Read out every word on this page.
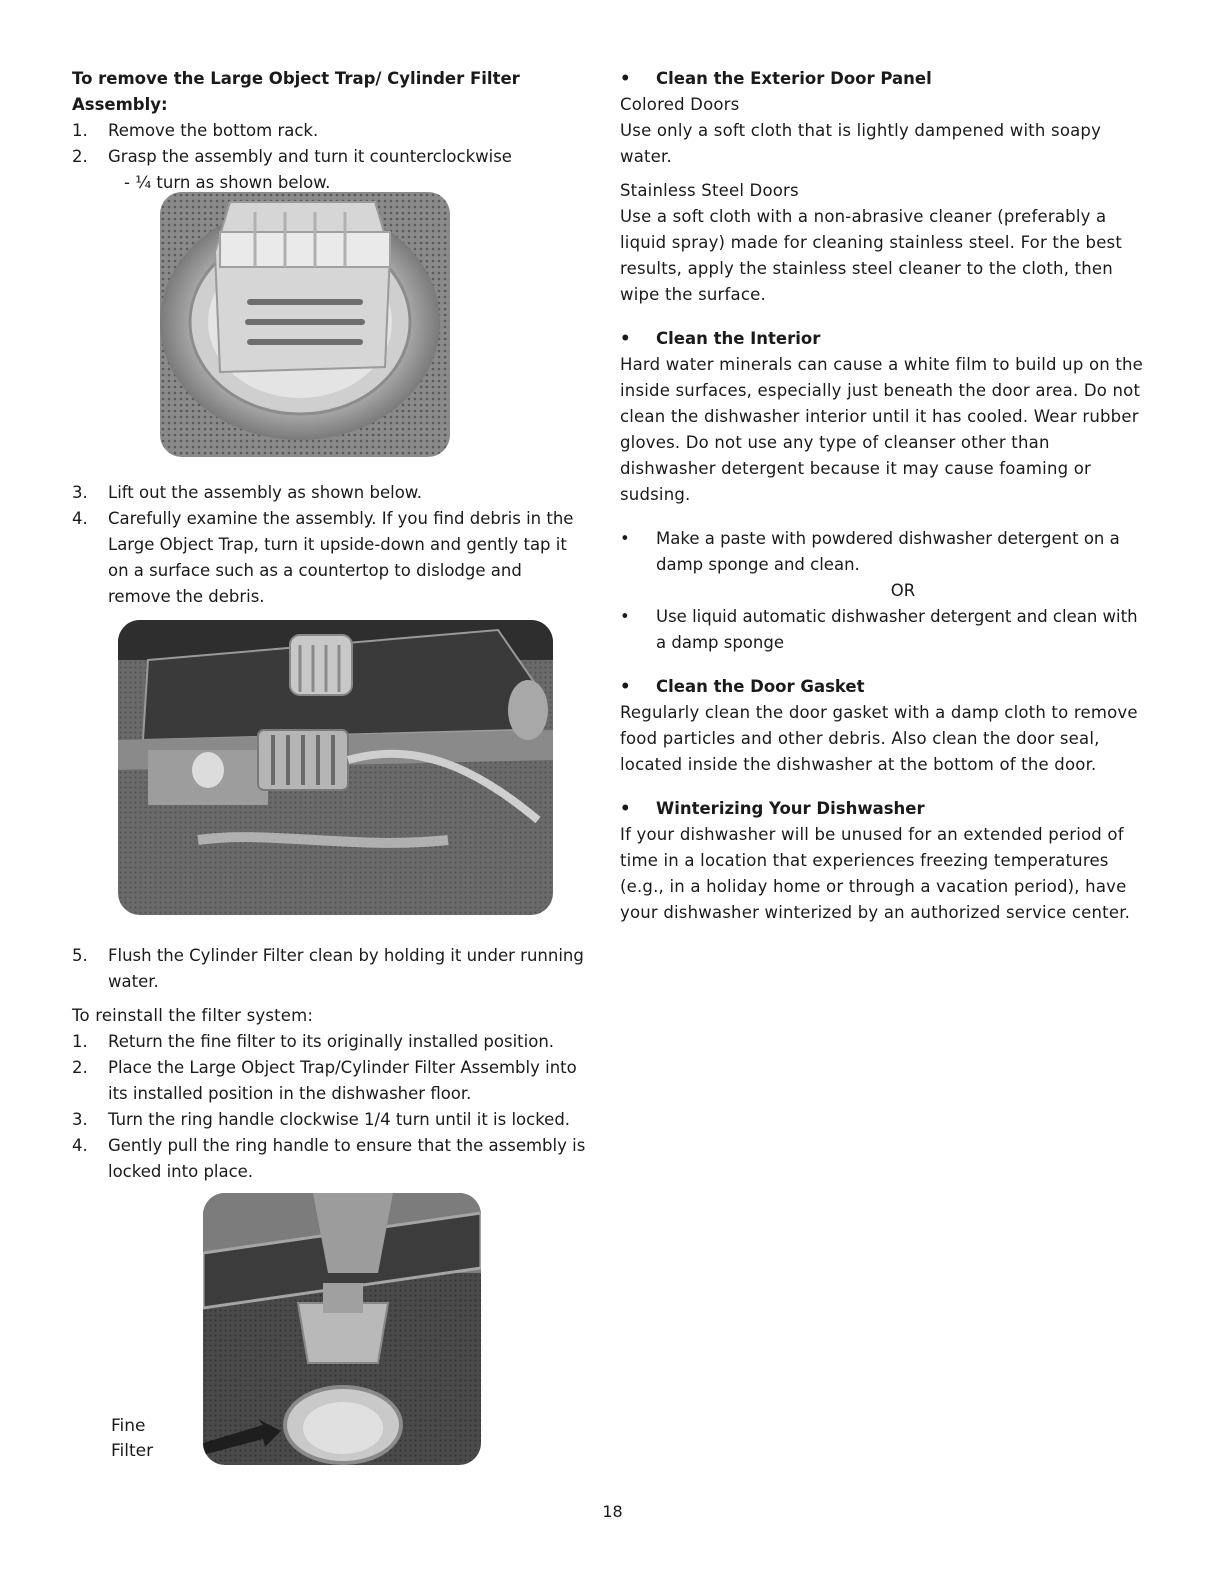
To remove the Large Object Trap/ Cylinder Filter
Assembly:
1.	Remove the bottom rack.
2.	Grasp the assembly and turn it counterclockwise
- ¼ turn as shown below.
3.	Lift out the assembly as shown below.
4.	Carefully examine the assembly. If you find debris in the Large Object Trap, turn it upside-down and gently tap it on a surface such as a countertop to dislodge and remove the debris.
5.	Flush the Cylinder Filter clean by holding it under running water.
To reinstall the filter system:
1.	Return the fine filter to its originally installed position.
2.	Place the Large Object Trap/Cylinder Filter Assembly into its installed position in the dishwasher floor.
3.	Turn the ring handle clockwise 1/4 turn until it is locked.
4.	Gently pull the ring handle to ensure that the assembly is locked into place.
Fine
Filter
•	Clean the Exterior Door Panel
Colored Doors
Use only a soft cloth that is lightly dampened with soapy water.
Stainless Steel Doors
Use a soft cloth with a non-abrasive cleaner (preferably a liquid spray) made for cleaning stainless steel. For the best results, apply the stainless steel cleaner to the cloth, then wipe the surface.
•	Clean the Interior
Hard water minerals can cause a white film to build up on the inside surfaces, especially just beneath the door area. Do not clean the dishwasher interior until it has cooled. Wear rubber gloves. Do not use any type of cleanser other than dishwasher detergent because it may cause foaming or sudsing.
•	Make a paste with powdered dishwasher detergent on a damp sponge and clean.
OR
•	Use liquid automatic dishwasher detergent and clean with a damp sponge
•	Clean the Door Gasket
Regularly clean the door gasket with a damp cloth to remove food particles and other debris. Also clean the door seal, located inside the dishwasher at the bottom of the door.
•	Winterizing Your Dishwasher
If your dishwasher will be unused for an extended period of time in a location that experiences freezing temperatures (e.g., in a holiday home or through a vacation period), have your dishwasher winterized by an authorized service center.
18
